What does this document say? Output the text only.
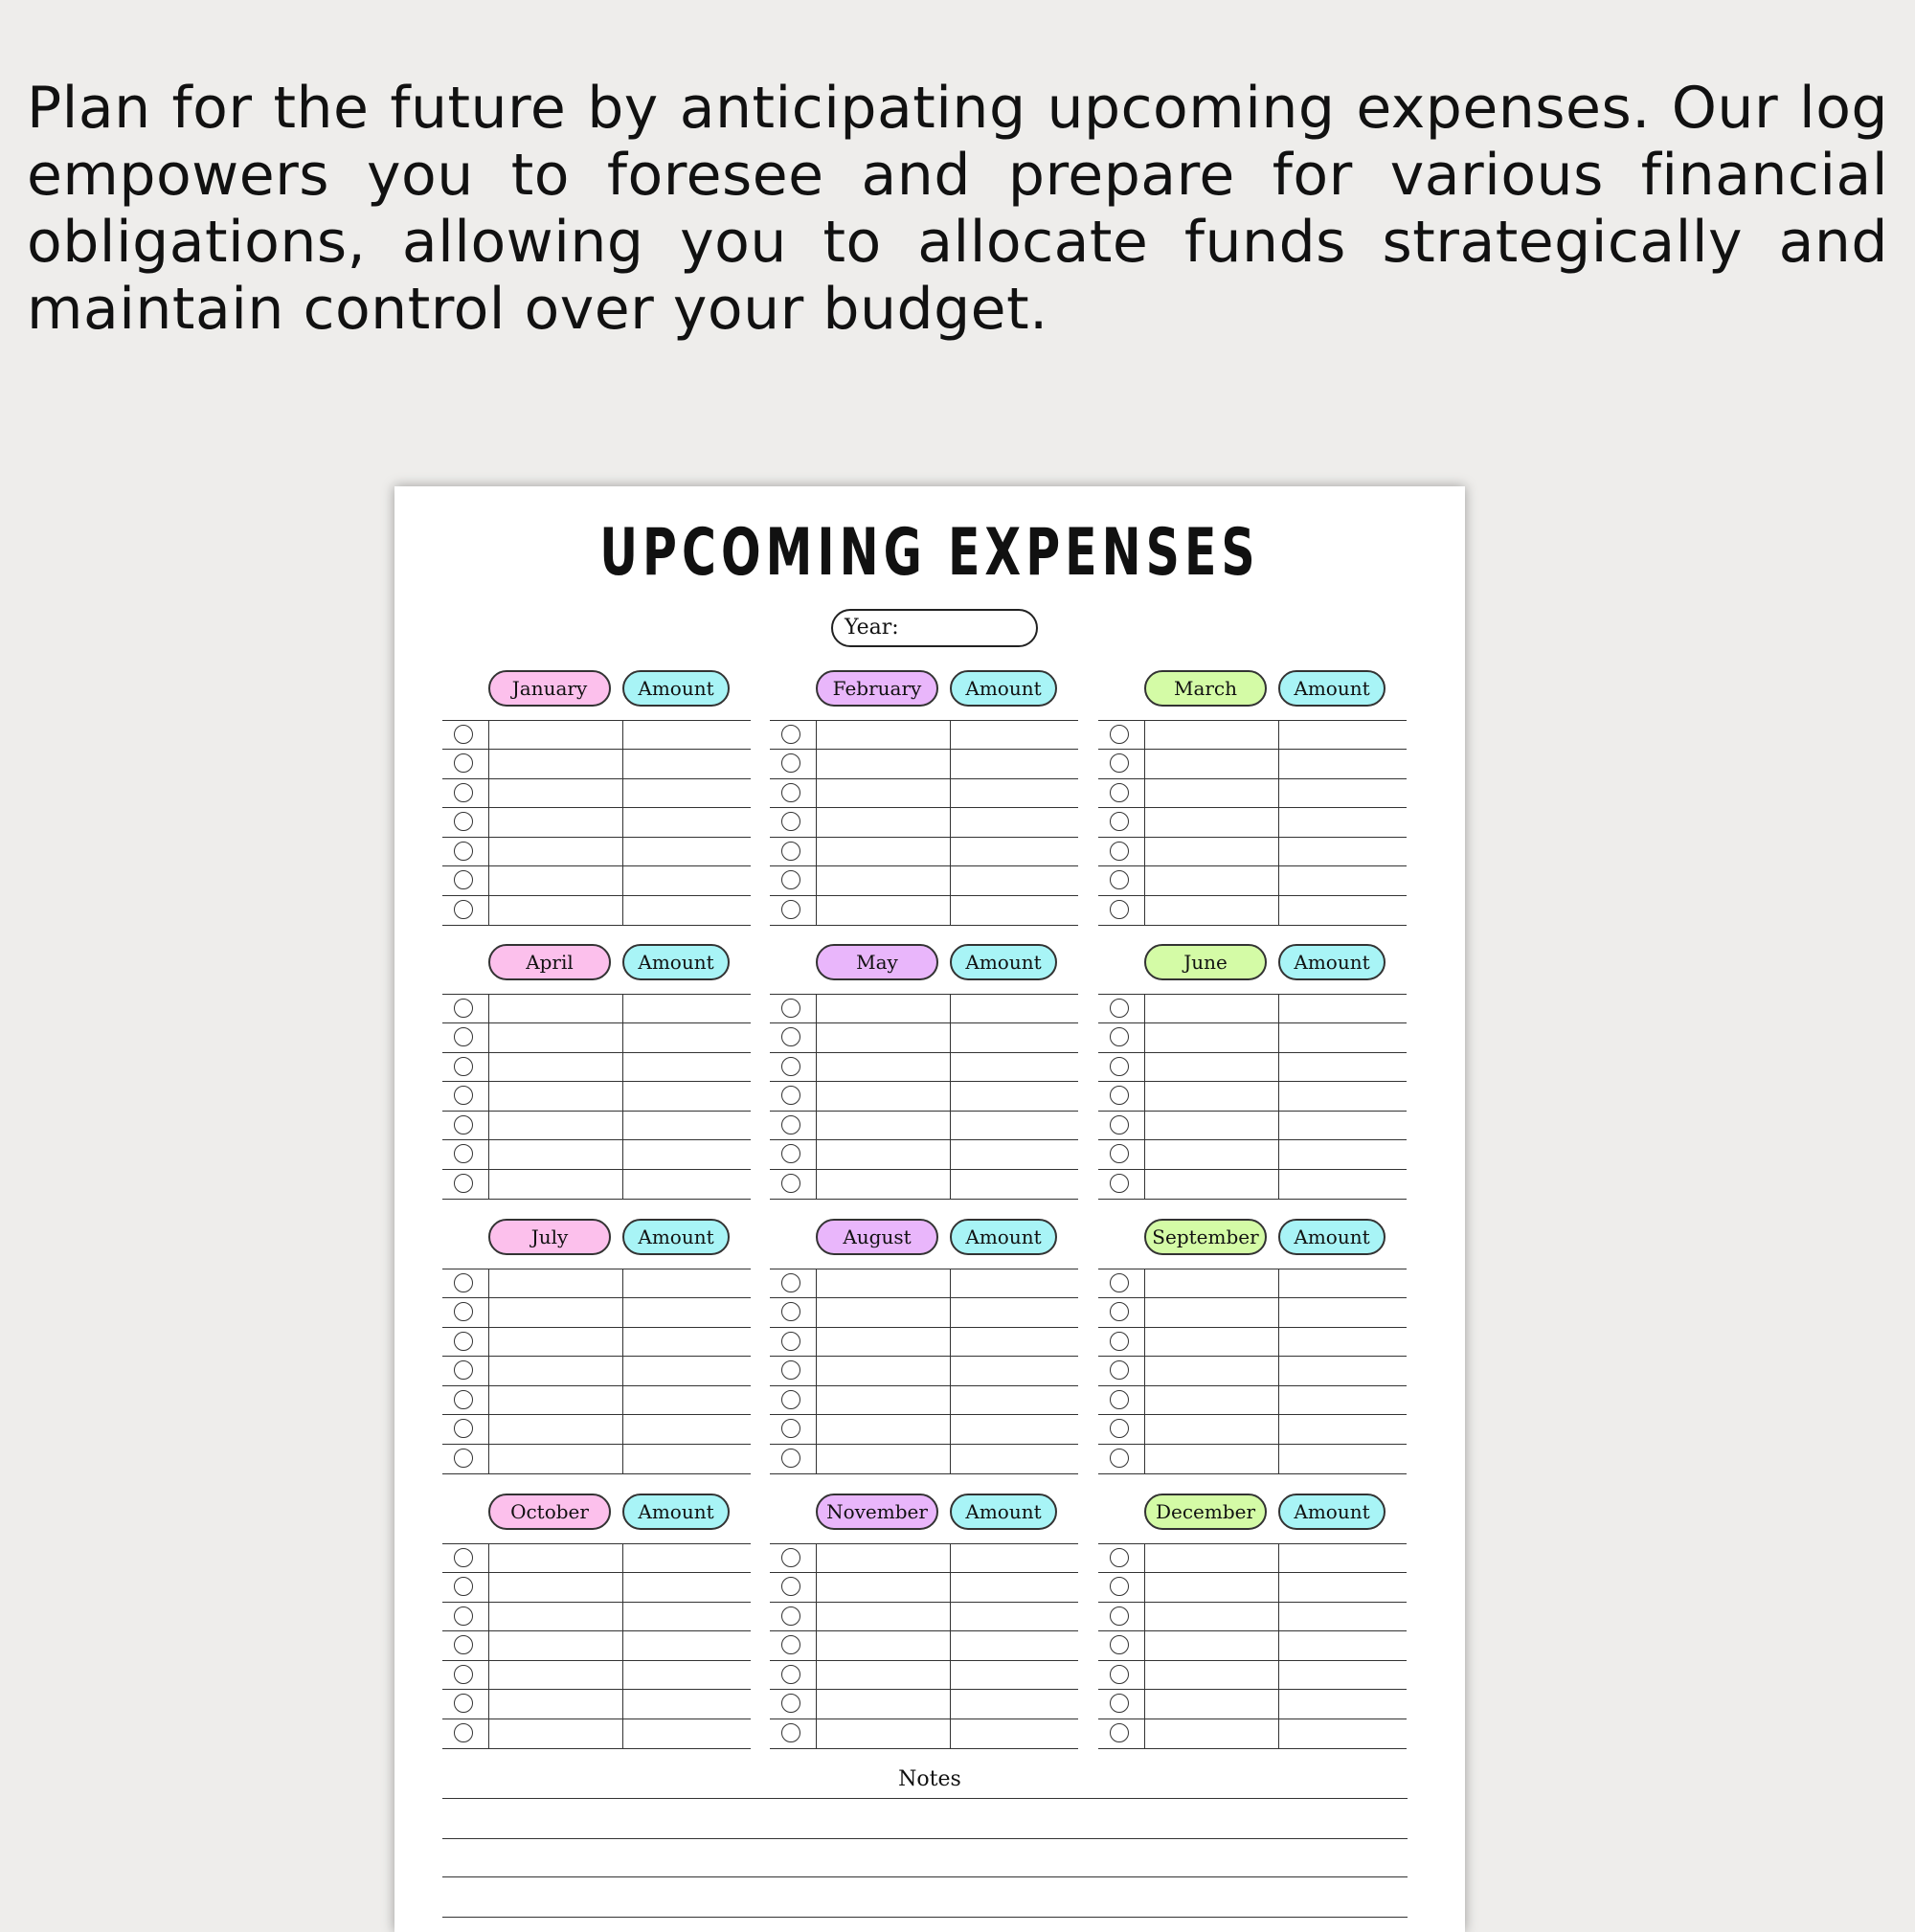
Plan for the future by anticipating upcoming expenses. Our log empowers you to foresee and prepare for various financial obligations, allowing you to allocate funds strategically and maintain control over your budget.
UPCOMING EXPENSES
Year:
January	Amount	February	Amount	March	Amount
April	Amount	May	Amount	June	Amount
July	Amount	August	Amount	September	Amount
October	Amount	November	Amount	December	Amount
Notes
